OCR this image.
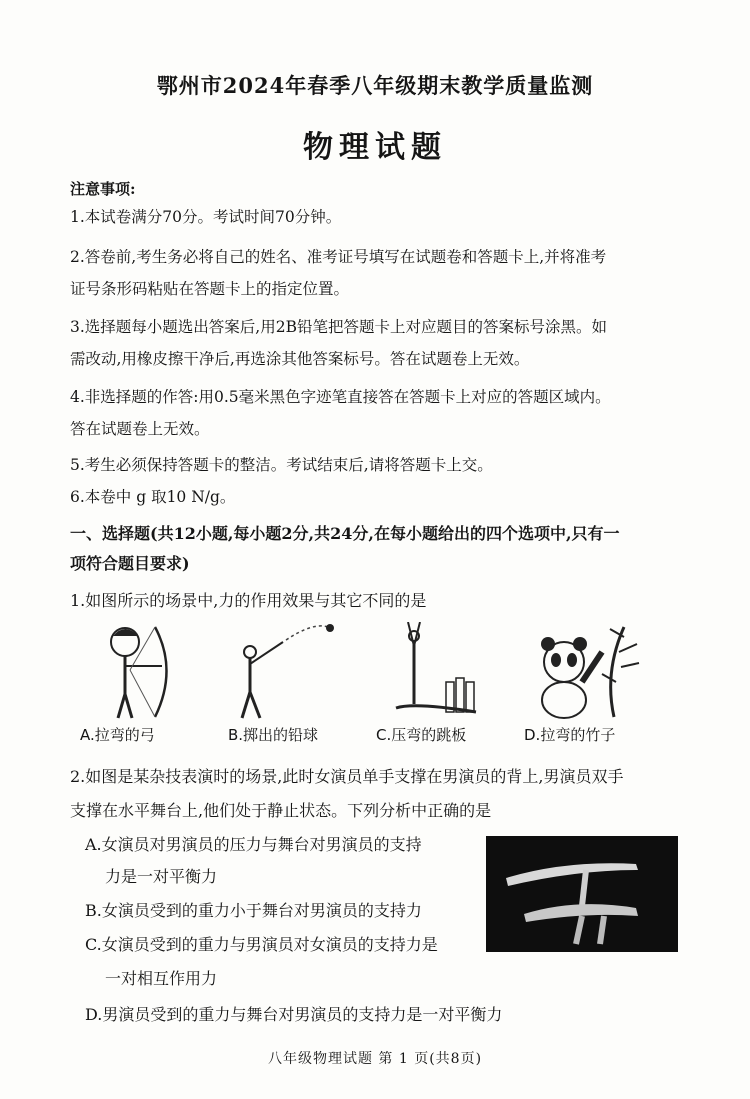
鄂州市2024年春季八年级期末教学质量监测
物理试题
注意事项:
1.本试卷满分70分。考试时间70分钟。
2.答卷前,考生务必将自己的姓名、准考证号填写在试题卷和答题卡上,并将准考
证号条形码粘贴在答题卡上的指定位置。
3.选择题每小题选出答案后,用2B铅笔把答题卡上对应题目的答案标号涂黑。如
需改动,用橡皮擦干净后,再选涂其他答案标号。答在试题卷上无效。
4.非选择题的作答:用0.5毫米黑色字迹笔直接答在答题卡上对应的答题区域内。
答在试题卷上无效。
5.考生必须保持答题卡的整洁。考试结束后,请将答题卡上交。
6.本卷中 g 取10 N/g。
一、选择题(共12小题,每小题2分,共24分,在每小题给出的四个选项中,只有一
项符合题目要求)
1.如图所示的场景中,力的作用效果与其它不同的是
A.拉弯的弓	B.掷出的铅球	C.压弯的跳板	D.拉弯的竹子
2.如图是某杂技表演时的场景,此时女演员单手支撑在男演员的背上,男演员双手
支撑在水平舞台上,他们处于静止状态。下列分析中正确的是
A.女演员对男演员的压力与舞台对男演员的支持
力是一对平衡力
B.女演员受到的重力小于舞台对男演员的支持力
C.女演员受到的重力与男演员对女演员的支持力是
一对相互作用力
D.男演员受到的重力与舞台对男演员的支持力是一对平衡力
八年级物理试题 第 1 页(共8页)
